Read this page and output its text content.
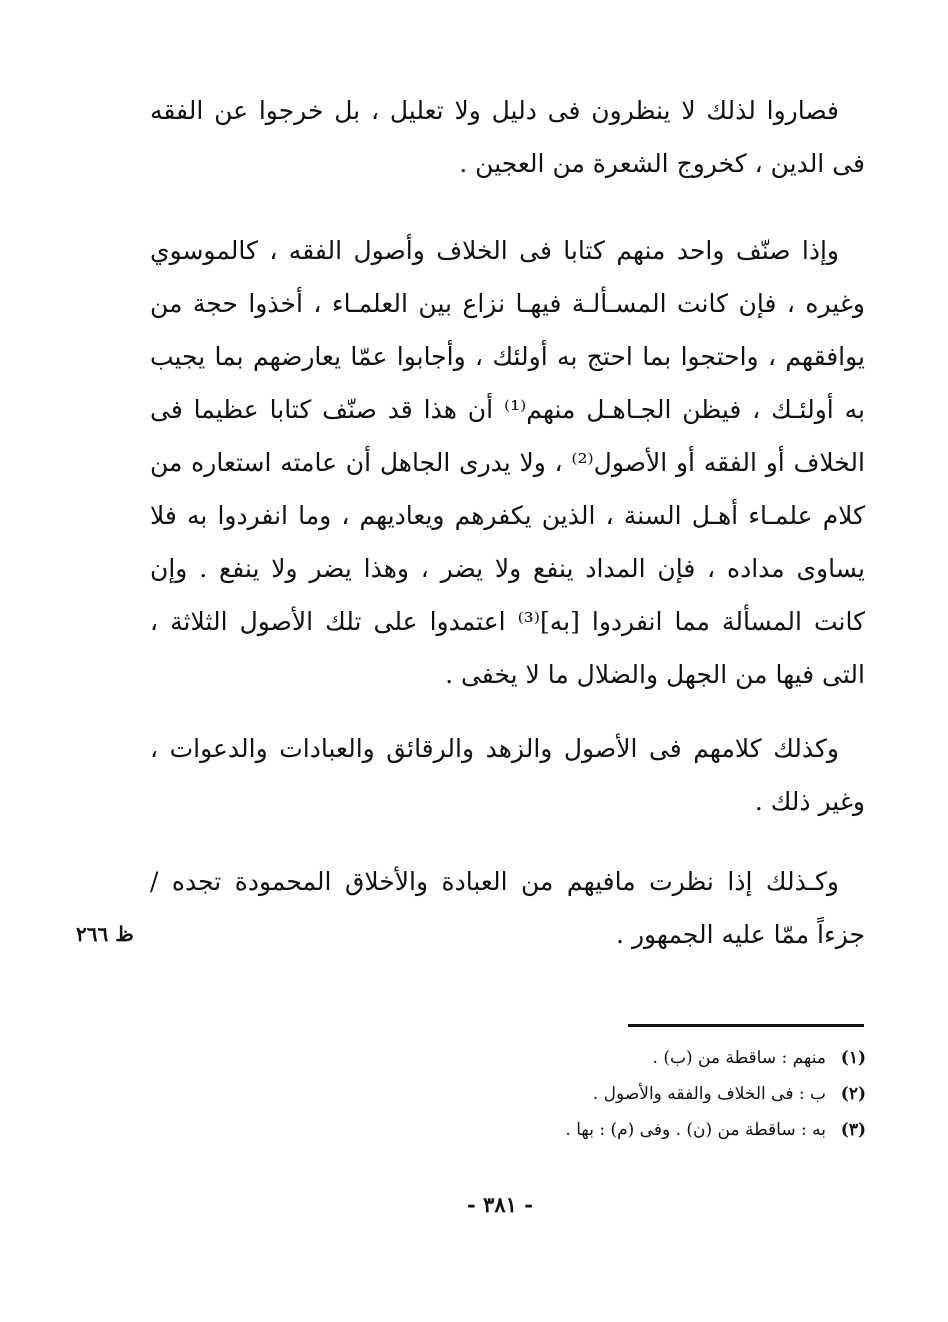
فصاروا لذلك لا ينظرون فى دليل ولا تعليل ، بل خرجوا عن الفقه فى الدين ، كخروج الشعرة من العجين .

وإذا صنّف واحد منهم كتابا فى الخلاف وأصول الفقه ، كالموسوي وغيره ، فإن كانت المسـألـة فيهـا نزاع بين العلمـاء ، أخذوا حجة من يوافقهم ، واحتجوا بما احتج به أولئك ، وأجابوا عمّا يعارضهم بما يجيب به أولئـك ، فيظن الجـاهـل منهم⁽¹⁾ أن هذا قد صنّف كتابا عظيما فى الخلاف أو الفقه أو الأصول⁽²⁾ ، ولا يدرى الجاهل أن عامته استعاره من كلام علمـاء أهـل السنة ، الذين يكفرهم ويعاديهم ، وما انفردوا به فلا يساوى مداده ، فإن المداد ينفع ولا يضر ، وهذا يضر ولا ينفع . وإن كانت المسألة مما انفردوا [به]⁽³⁾ اعتمدوا على تلك الأصول الثلاثة ، التى فيها من الجهل والضلال ما لا يخفى .

وكذلك كلامهم فى الأصول والزهد والرقائق والعبادات والدعوات ، وغير ذلك .

وكـذلك إذا نظرت مافيهم من العبادة والأخلاق المحمودة تجده / جزءاً ممّا عليه الجمهور .

ظ ٢٦٦
(١)
منهم : ساقطة من (ب) .
(٢)
ب : فى الخلاف والفقه والأصول .
(٣)
به : ساقطة من (ن) . وفى (م) : بها .
- ٣٨١ -
